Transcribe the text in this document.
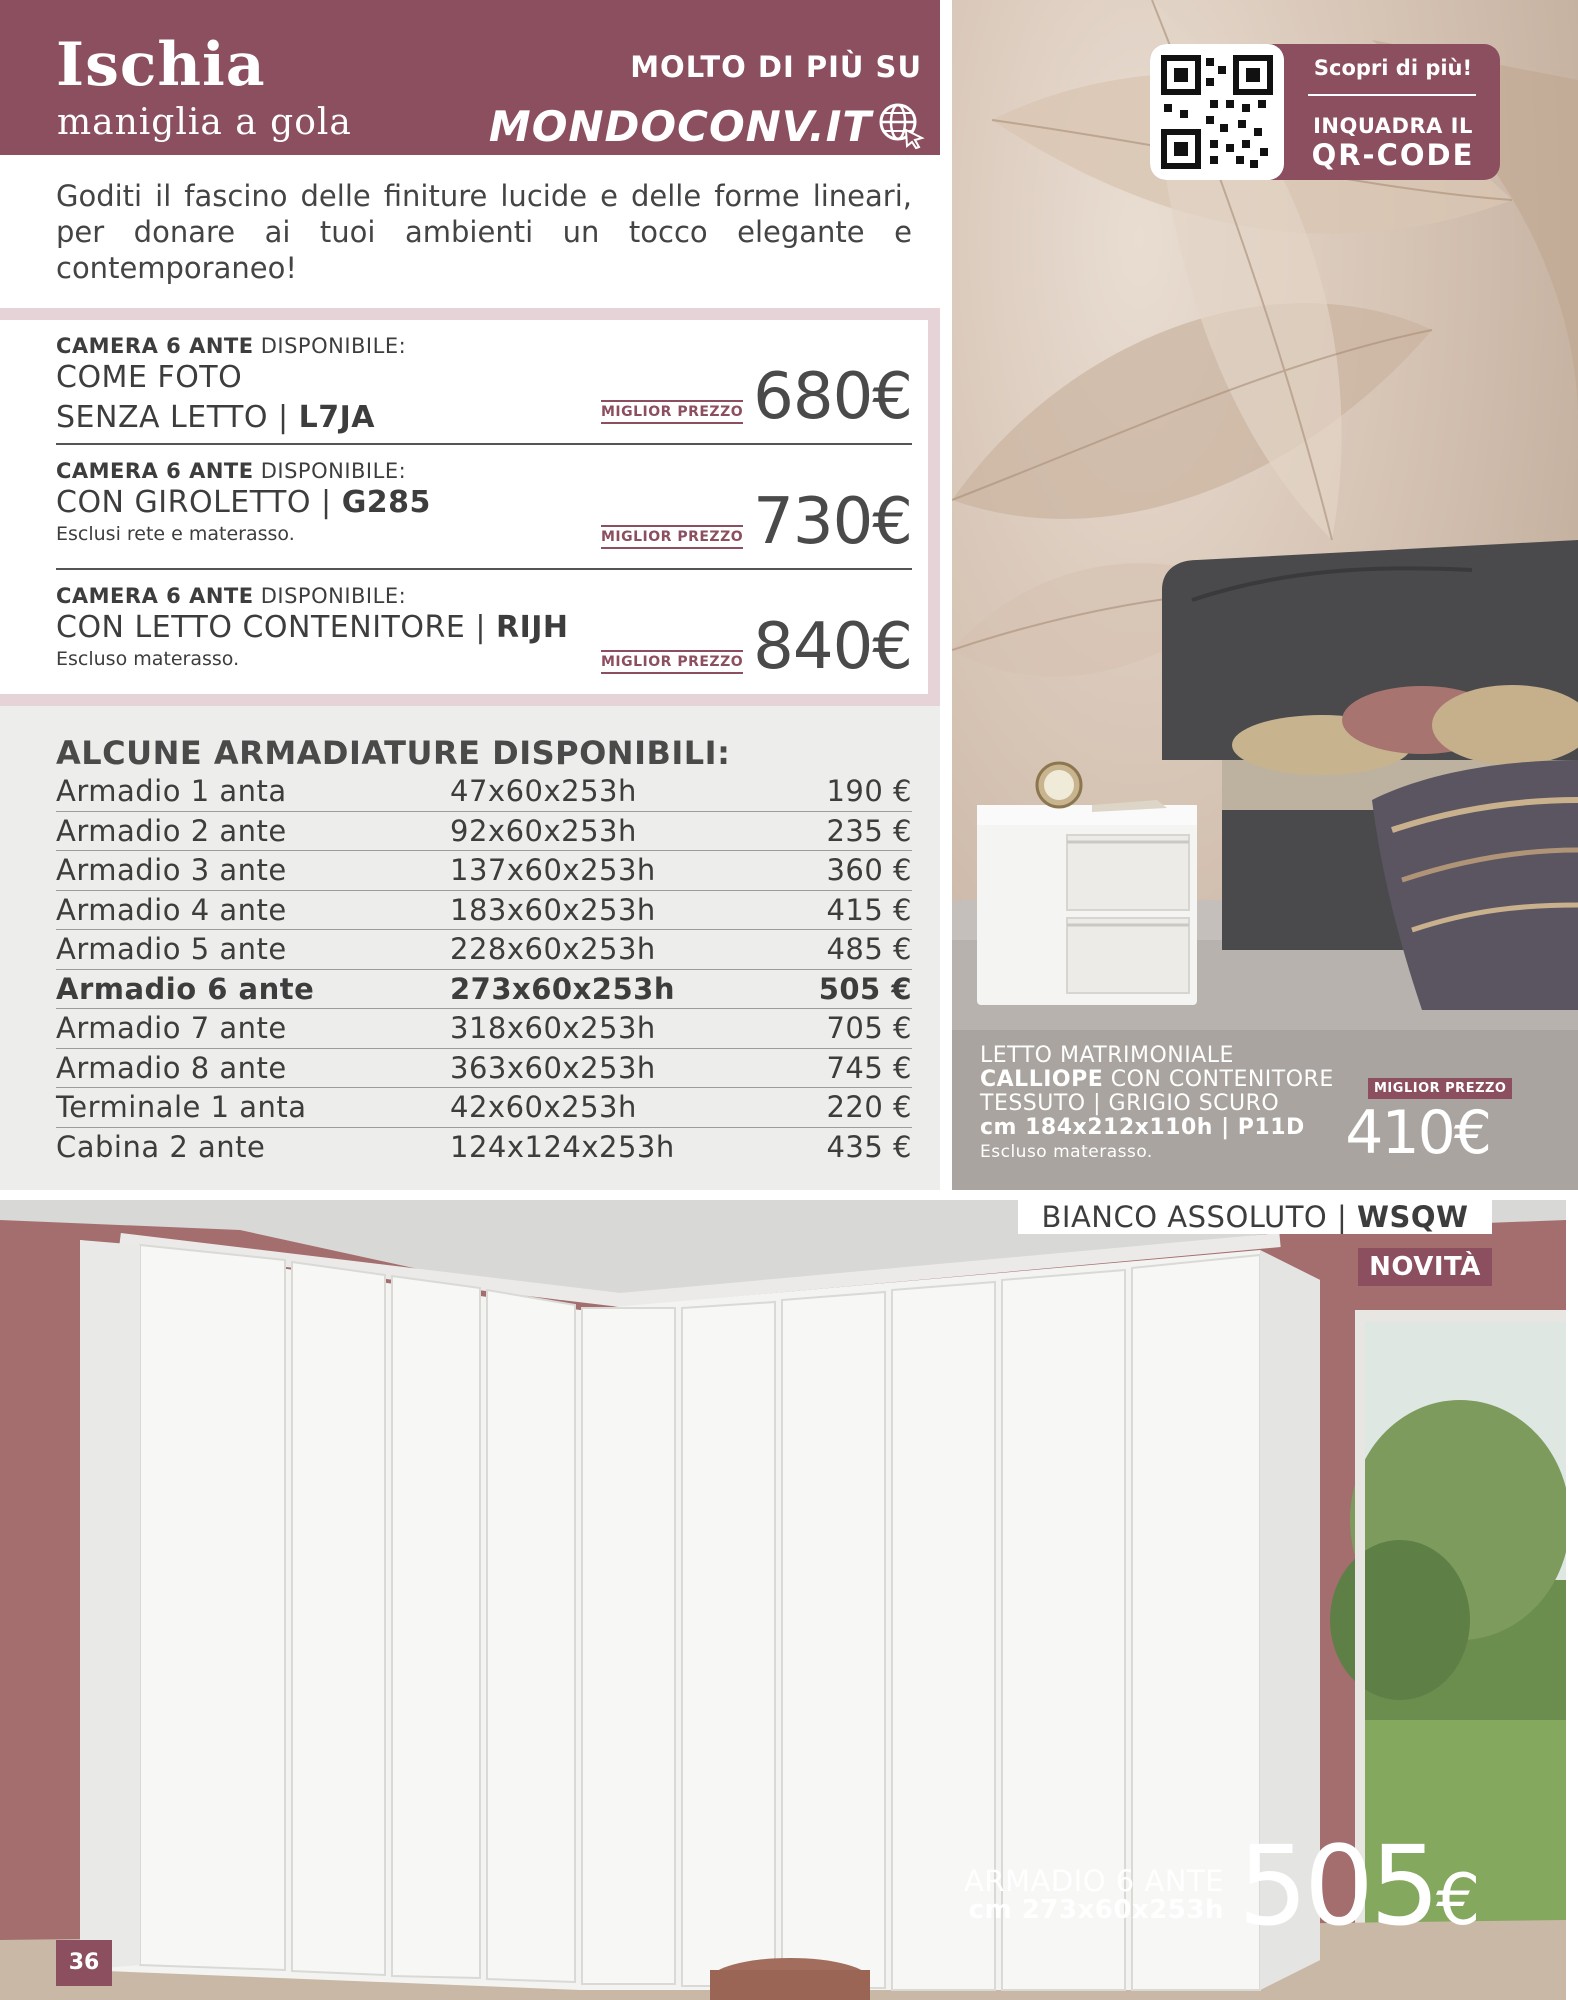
Ischia
maniglia a gola
MOLTO DI PIÙ SU
MONDOCONV.IT

Goditi il fascino delle finiture lucide e delle forme lineari, per donare ai tuoi ambienti un tocco elegante e contemporaneo!

CAMERA 6 ANTE DISPONIBILE:
COME FOTO
SENZA LETTO | L7JA	MIGLIOR PREZZO 680€
CAMERA 6 ANTE DISPONIBILE:
CON GIROLETTO | G285
Esclusi rete e materasso.	MIGLIOR PREZZO 730€
CAMERA 6 ANTE DISPONIBILE:
CON LETTO CONTENITORE | RIJH
Escluso materasso.	MIGLIOR PREZZO 840€
ALCUNE ARMADIATURE DISPONIBILI:
Armadio 1 anta	47x60x253h	190 €
Armadio 2 ante	92x60x253h	235 €
Armadio 3 ante	137x60x253h	360 €
Armadio 4 ante	183x60x253h	415 €
Armadio 5 ante	228x60x253h	485 €
Armadio 6 ante	273x60x253h	505 €
Armadio 7 ante	318x60x253h	705 €
Armadio 8 ante	363x60x253h	745 €
Terminale 1 anta	42x60x253h	220 €
Cabina 2 ante	124x124x253h	435 €
Scopri di più!
INQUADRA IL
QR-CODE
LETTO MATRIMONIALE
CALLIOPE CON CONTENITORE
TESSUTO | GRIGIO SCURO
cm 184x212x110h | P11D
Escluso materasso.
MIGLIOR PREZZO
410€
BIANCO ASSOLUTO | WSQW
NOVITÀ
ARMADIO 6 ANTE
cm 273x60x253h 505€
36
